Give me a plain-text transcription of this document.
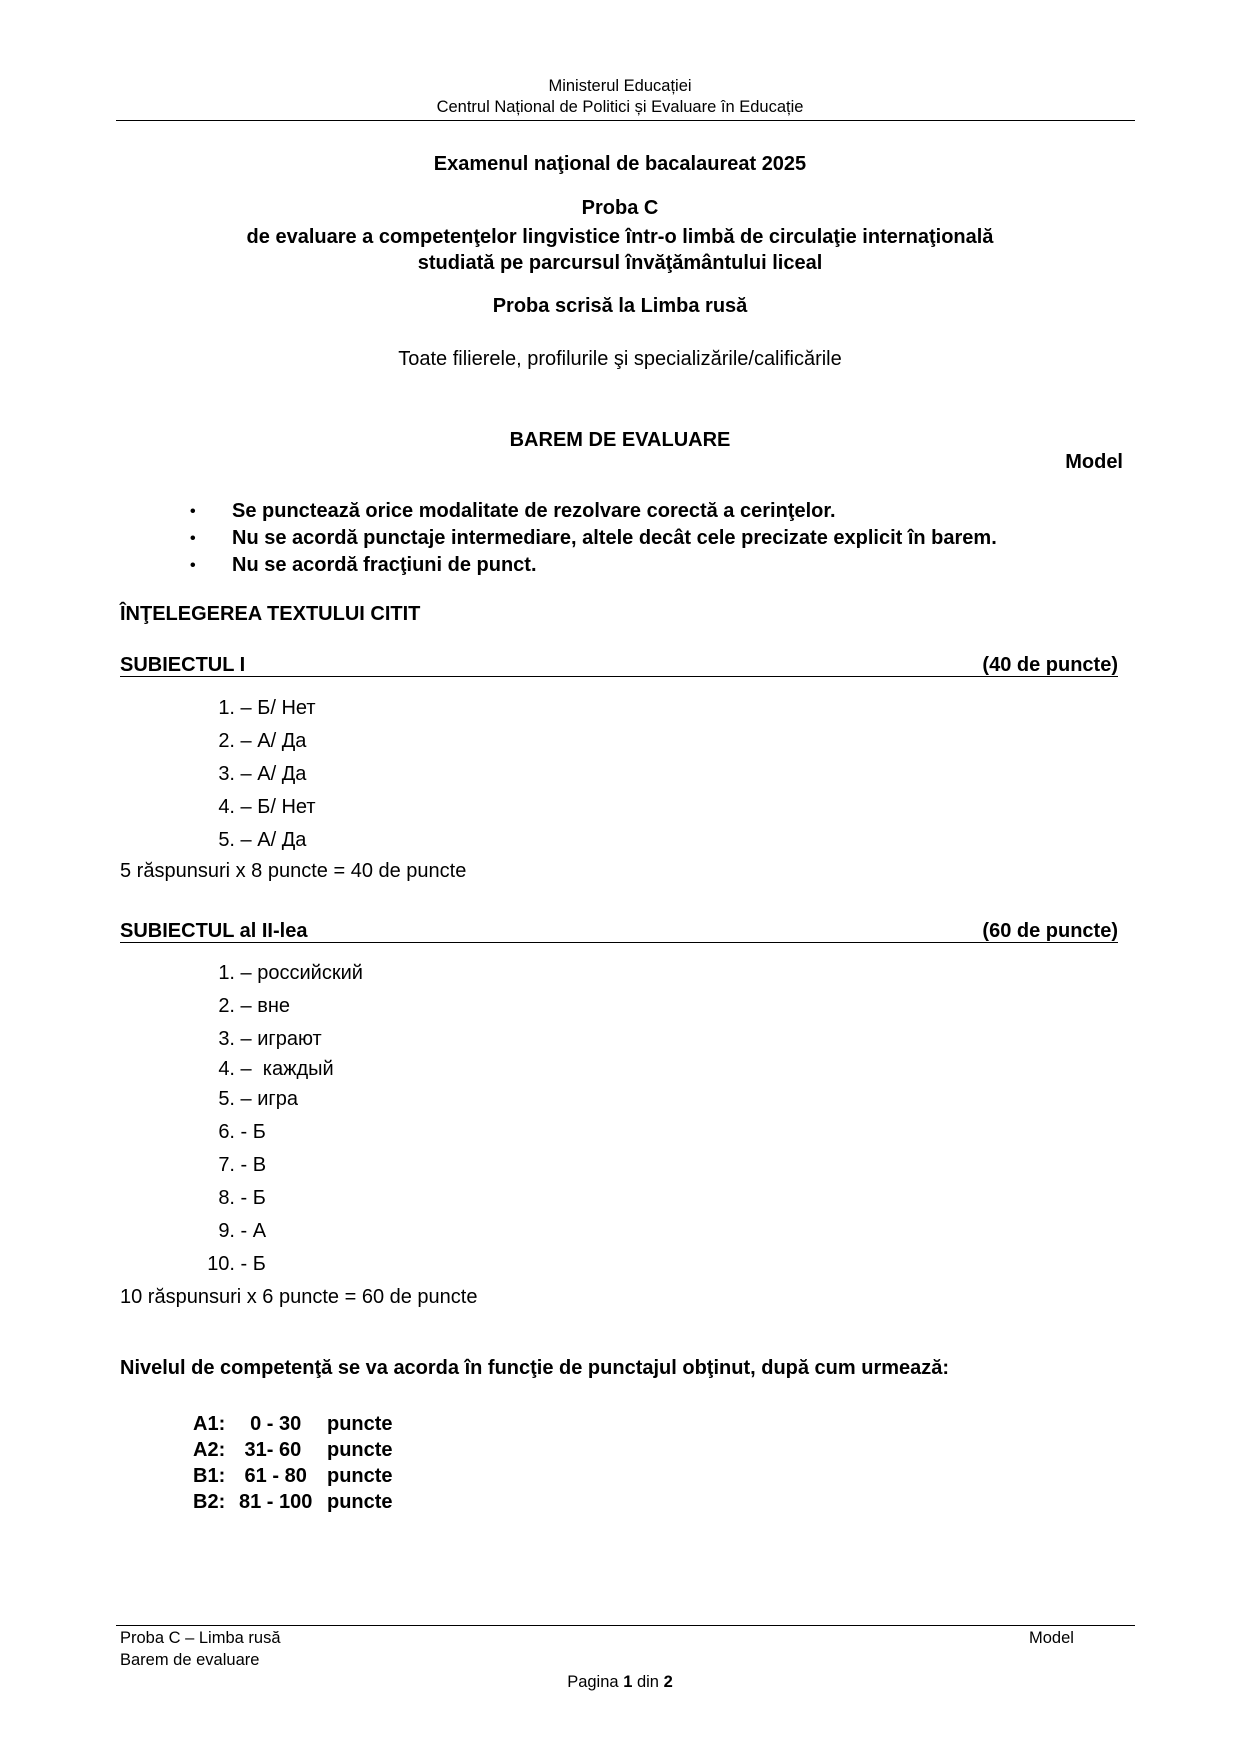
Ministerul Educației
Centrul Național de Politici și Evaluare în Educație
Examenul naţional de bacalaureat 2025
Proba C
de evaluare a competenţelor lingvistice într-o limbă de circulaţie internaţională
studiată pe parcursul învăţământului liceal
Proba scrisă la Limba rusă
Toate filierele, profilurile şi specializările/calificările
BAREM DE EVALUARE
Model
•	Se punctează orice modalitate de rezolvare corectă a cerinţelor.
•	Nu se acordă punctaje intermediare, altele decât cele precizate explicit în barem.
•	Nu se acordă fracţiuni de punct.
ÎNŢELEGEREA TEXTULUI CITIT
SUBIECTUL I	(40 de puncte)
1. – Б/ Нет
2. – А/ Да
3. – А/ Да
4. – Б/ Нет
5. – А/ Да
5 răspunsuri x 8 puncte = 40 de puncte
SUBIECTUL al II-lea	(60 de puncte)
1. – российский
2. – вне
3. – играют
4. –  каждый
5. – игра
6. - Б
7. - В
8. - Б
9. - А
10. - Б
10 răspunsuri x 6 puncte = 60 de puncte
Nivelul de competenţă se va acorda în funcţie de punctajul obţinut, după cum urmează:
A1: 0 - 30	puncte
A2: 31- 60	puncte
B1: 61 - 80	puncte
B2: 81 - 100 puncte
Proba C – Limba rusă
Barem de evaluare
Model
Pagina 1 din 2
